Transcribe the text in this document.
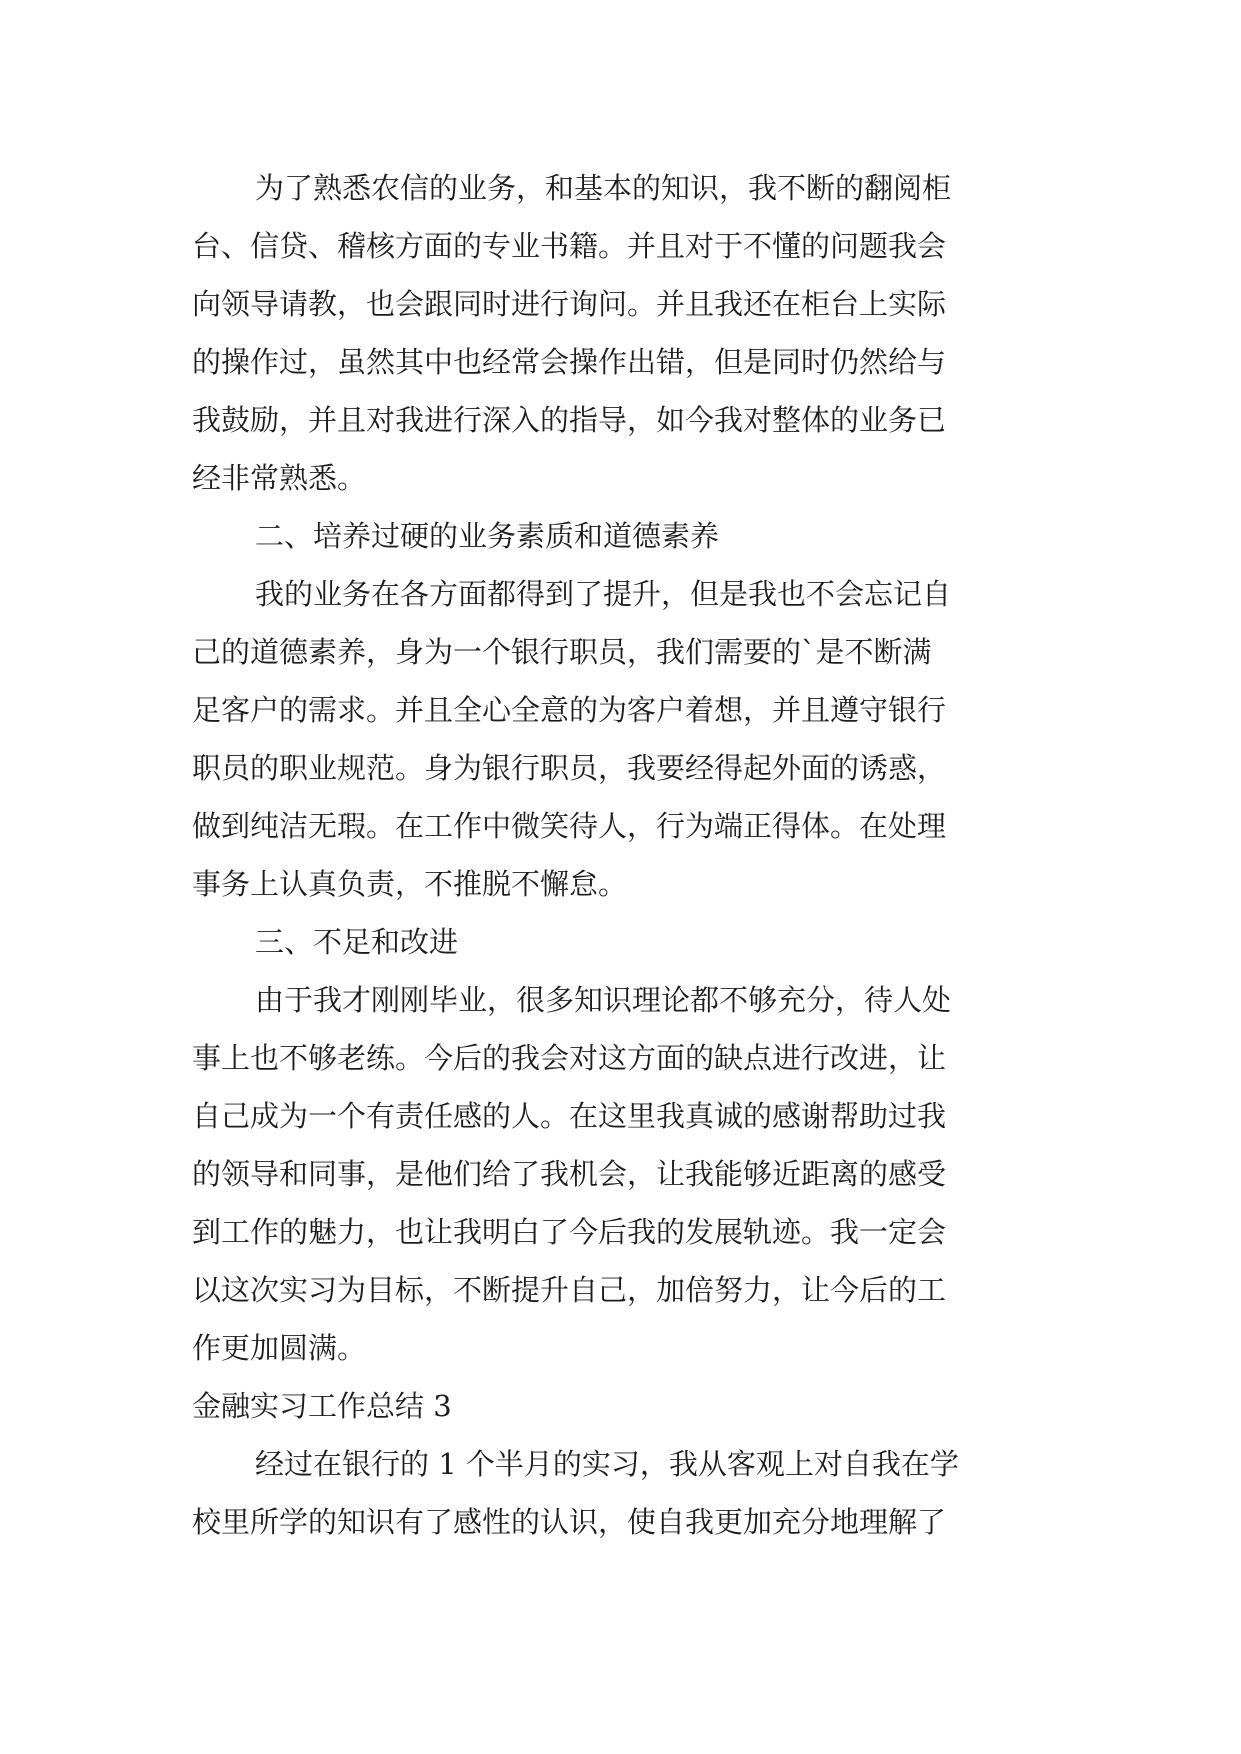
为了熟悉农信的业务，和基本的知识，我不断的翻阅柜
台、信贷、稽核方面的专业书籍。并且对于不懂的问题我会
向领导请教，也会跟同时进行询问。并且我还在柜台上实际
的操作过，虽然其中也经常会操作出错，但是同时仍然给与
我鼓励，并且对我进行深入的指导，如今我对整体的业务已
经非常熟悉。
二、培养过硬的业务素质和道德素养
我的业务在各方面都得到了提升，但是我也不会忘记自
己的道德素养，身为一个银行职员，我们需要的`是不断满
足客户的需求。并且全心全意的为客户着想，并且遵守银行
职员的职业规范。身为银行职员，我要经得起外面的诱惑，
做到纯洁无瑕。在工作中微笑待人，行为端正得体。在处理
事务上认真负责，不推脱不懈怠。
三、不足和改进
由于我才刚刚毕业，很多知识理论都不够充分，待人处
事上也不够老练。今后的我会对这方面的缺点进行改进，让
自己成为一个有责任感的人。在这里我真诚的感谢帮助过我
的领导和同事，是他们给了我机会，让我能够近距离的感受
到工作的魅力，也让我明白了今后我的发展轨迹。我一定会
以这次实习为目标，不断提升自己，加倍努力，让今后的工
作更加圆满。
金融实习工作总结 3
经过在银行的 1 个半月的实习，我从客观上对自我在学
校里所学的知识有了感性的认识，使自我更加充分地理解了
